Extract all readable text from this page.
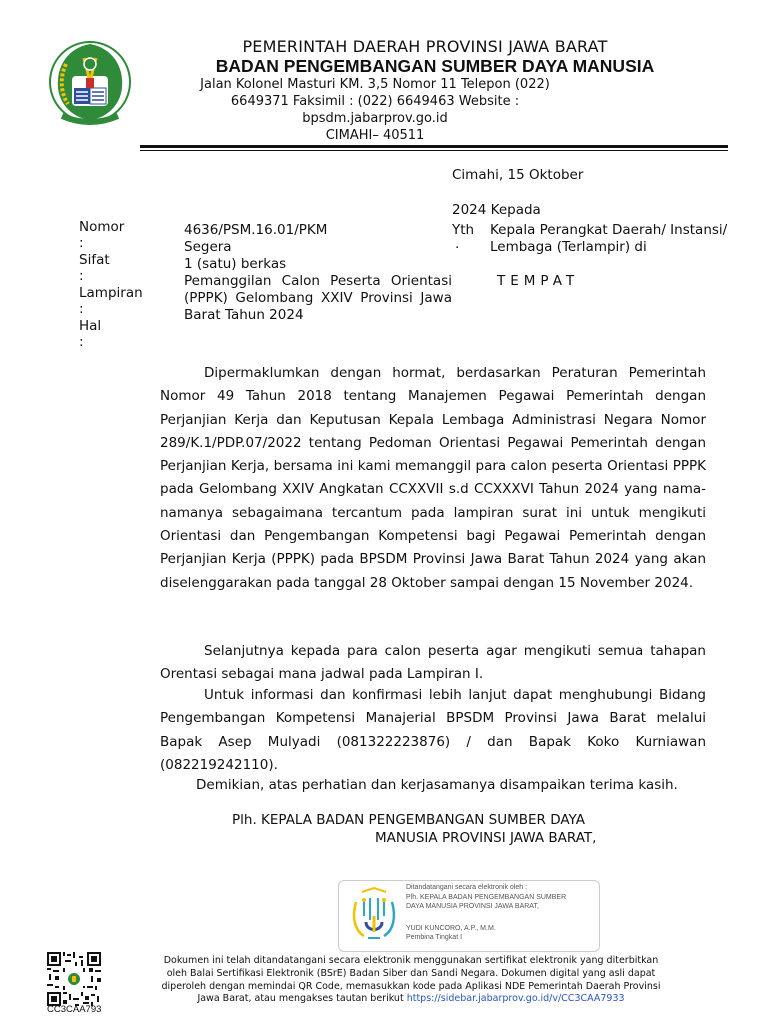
PEMERINTAH DAERAH PROVINSI JAWA BARAT
BADAN PENGEMBANGAN SUMBER DAYA MANUSIA
Jalan Kolonel Masturi KM. 3,5 Nomor 11 Telepon (022)
6649371 Faksimil : (022) 6649463 Website :
bpsdm.jabarprov.go.id
CIMAHI– 40511
Cimahi, 15 Oktober
2024 Kepada
Yth
.
Kepala Perangkat Daerah/ Instansi/ Lembaga (Terlampir) di
TEMPAT
Nomor
:
Sifat
:
Lampiran
:
Hal
:
4636/PSM.16.01/PKM
Segera
1 (satu) berkas
Pemanggilan Calon Peserta Orientasi (PPPK) Gelombang XXIV Provinsi Jawa Barat Tahun 2024

Dipermaklumkan dengan hormat, berdasarkan Peraturan Pemerintah Nomor 49 Tahun 2018 tentang Manajemen Pegawai Pemerintah dengan Perjanjian Kerja dan Keputusan Kepala Lembaga Administrasi Negara Nomor 289/K.1/PDP.07/2022 tentang Pedoman Orientasi Pegawai Pemerintah dengan Perjanjian Kerja, bersama ini kami memanggil para calon peserta Orientasi PPPK pada Gelombang XXIV Angkatan CCXXVII s.d CCXXXVI Tahun 2024 yang nama- namanya sebagaimana tercantum pada lampiran surat ini untuk mengikuti Orientasi dan Pengembangan Kompetensi bagi Pegawai Pemerintah dengan Perjanjian Kerja (PPPK) pada BPSDM Provinsi Jawa Barat Tahun 2024 yang akan diselenggarakan pada tanggal 28 Oktober sampai dengan 15 November 2024.

Selanjutnya kepada para calon peserta agar mengikuti semua tahapan Orentasi sebagai mana jadwal pada Lampiran I.

Untuk informasi dan konfirmasi lebih lanjut dapat menghubungi Bidang Pengembangan Kompetensi Manajerial BPSDM Provinsi Jawa Barat melalui Bapak Asep Mulyadi (081322223876) / dan Bapak Koko Kurniawan (082219242110).

Demikian, atas perhatian dan kerjasamanya disampaikan terima kasih.

Plh. KEPALA BADAN PENGEMBANGAN SUMBER DAYA
MANUSIA PROVINSI JAWA BARAT,
Ditandatangani secara elektronik oleh :
Plh. KEPALA BADAN PENGEMBANGAN SUMBER
DAYA MANUSIA PROVINSI JAWA BARAT,
YUDI KUNCORO, A.P., M.M.
Pembina Tingkat I
CC3CAA793
Dokumen ini telah ditandatangani secara elektronik menggunakan sertifikat elektronik yang diterbitkan
oleh Balai Sertifikasi Elektronik (BSrE) Badan Siber dan Sandi Negara. Dokumen digital yang asli dapat
diperoleh dengan memindai QR Code, memasukkan kode pada Aplikasi NDE Pemerintah Daerah Provinsi
Jawa Barat, atau mengakses tautan berikut https://sidebar.jabarprov.go.id/v/CC3CAA7933
